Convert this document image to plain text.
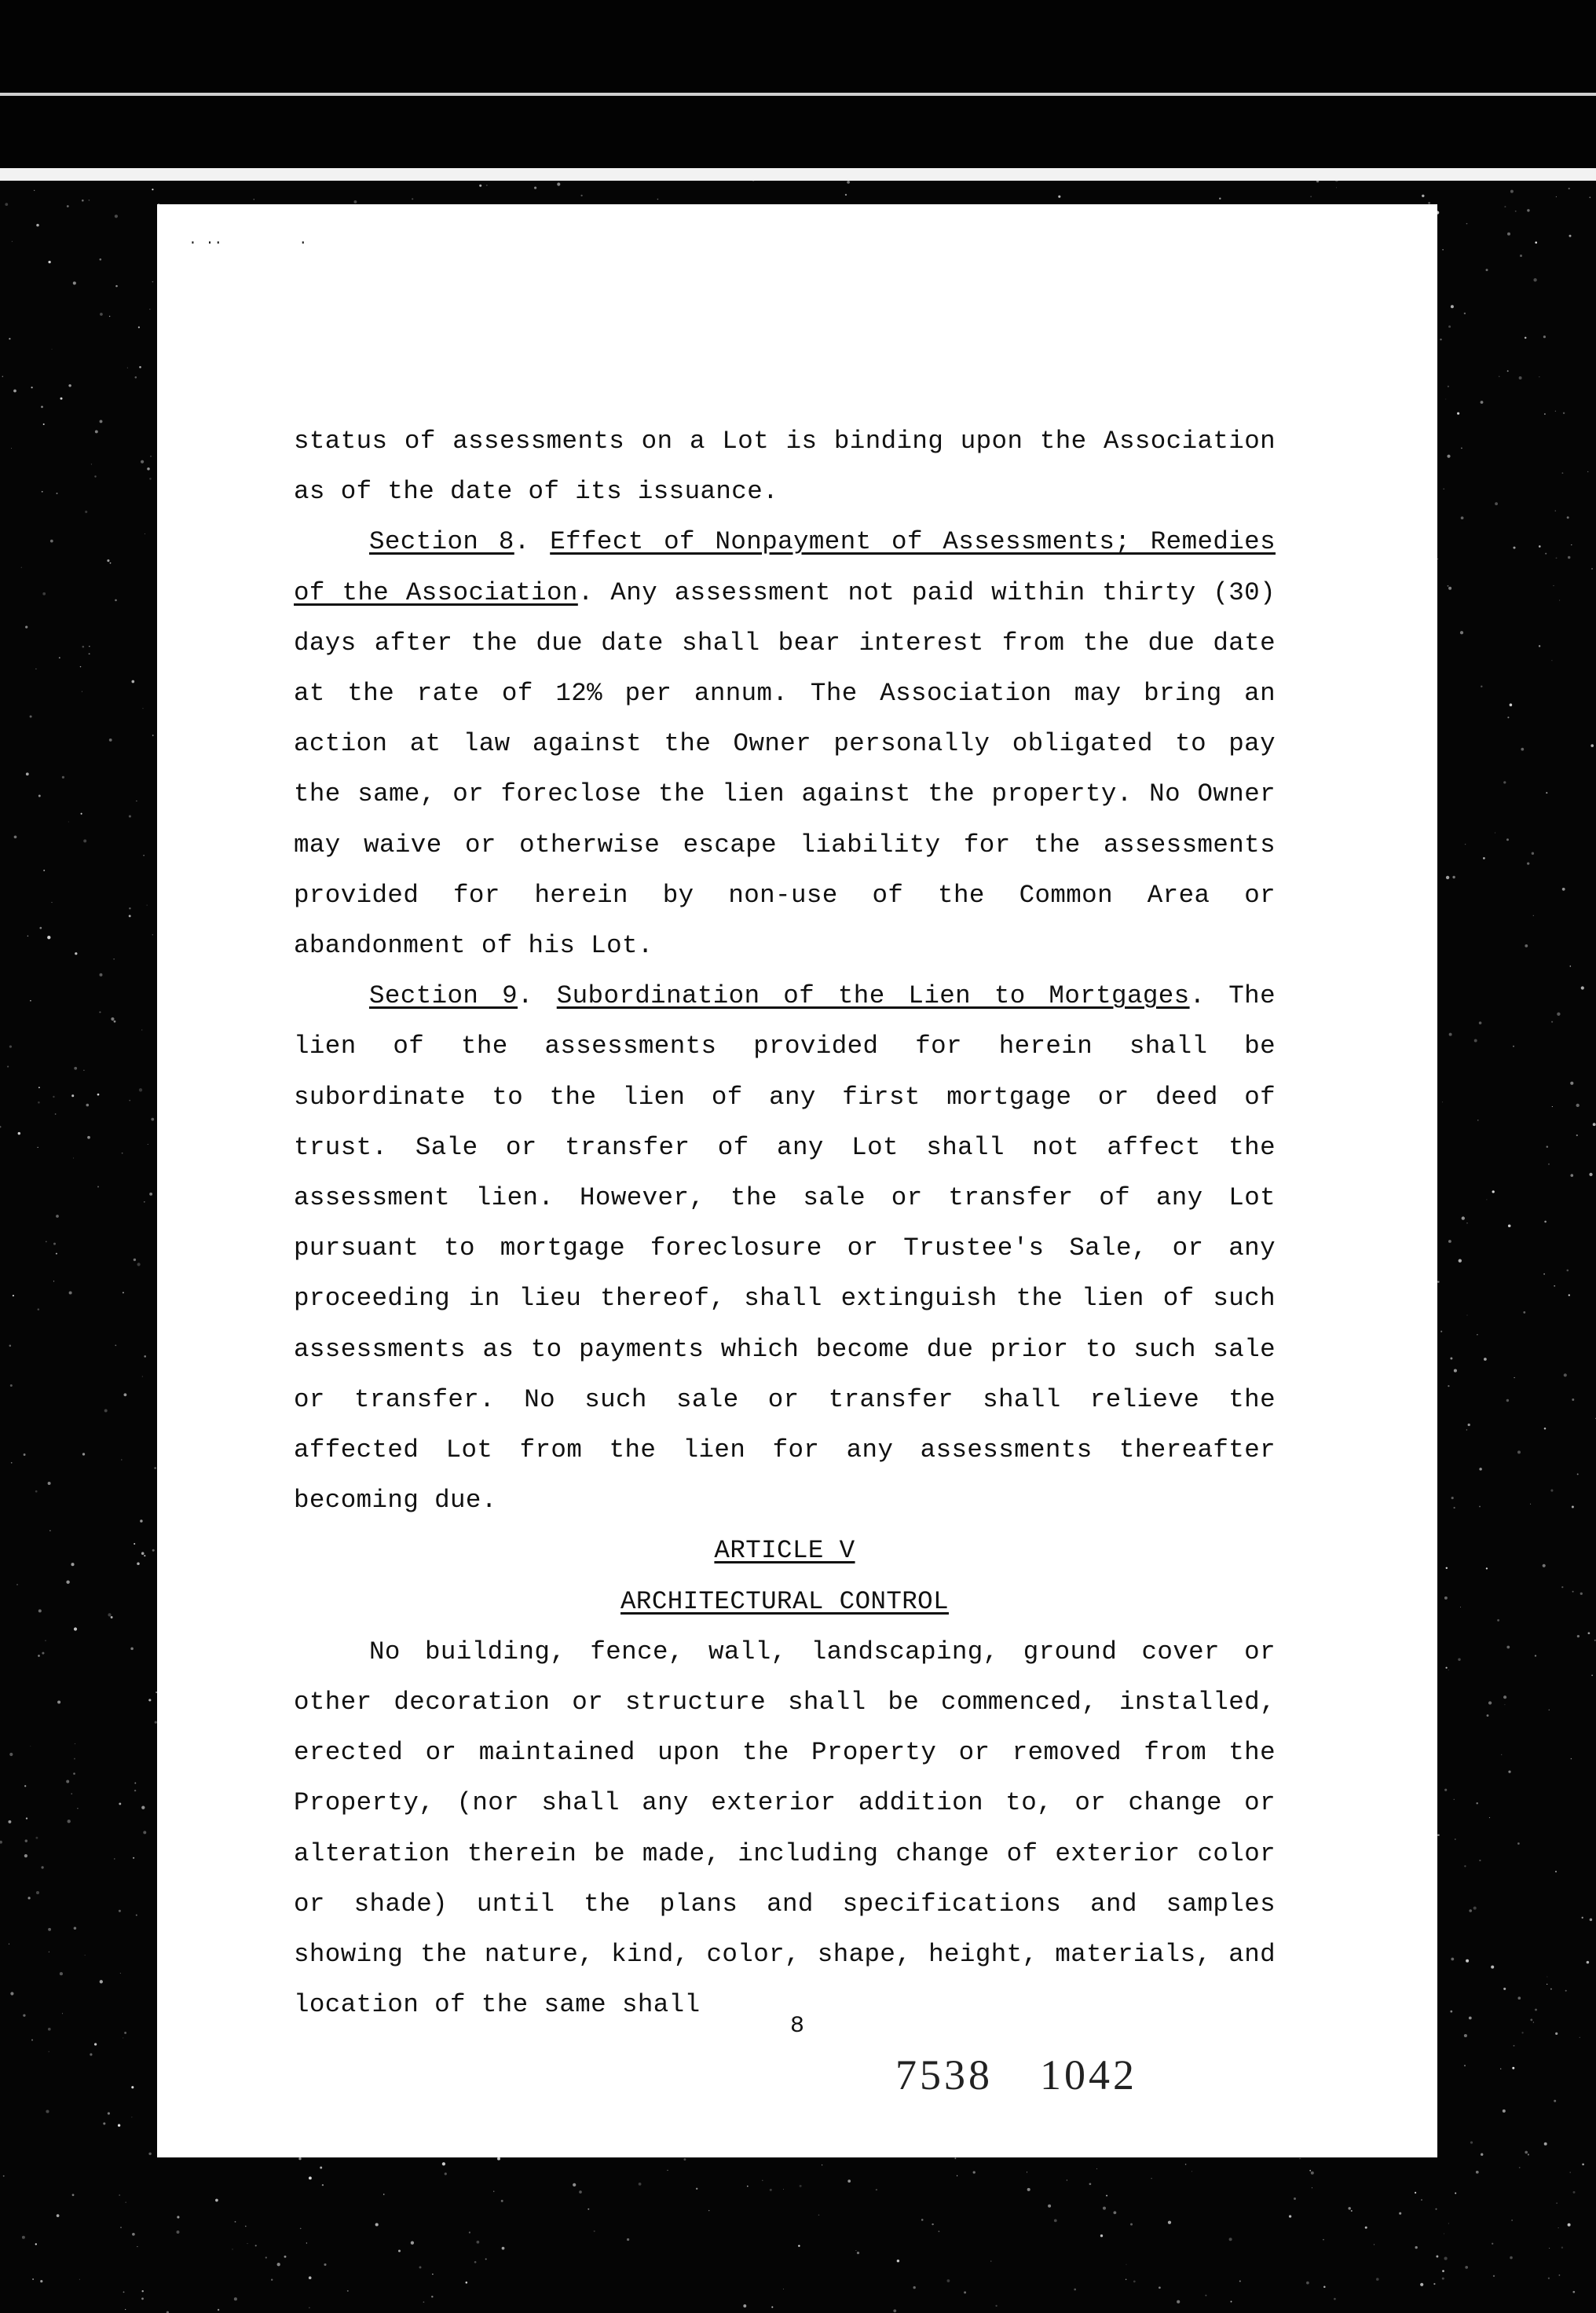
· ··         ·

status of assessments on a Lot is binding upon the Association as of the date of its issuance.

Section 8. Effect of Nonpayment of Assessments; Remedies of the Association. Any assessment not paid within thirty (30) days after the due date shall bear interest from the due date at the rate of 12% per annum. The Association may bring an action at law against the Owner personally obligated to pay the same, or foreclose the lien against the property. No Owner may waive or otherwise escape liability for the assessments provided for herein by non-use of the Common Area or abandonment of his Lot.

Section 9. Subordination of the Lien to Mortgages. The lien of the assessments provided for herein shall be subordinate to the lien of any first mortgage or deed of trust. Sale or transfer of any Lot shall not affect the assessment lien. However, the sale or transfer of any Lot pursuant to mortgage foreclosure or Trustee's Sale, or any proceeding in lieu thereof, shall extinguish the lien of such assessments as to payments which become due prior to such sale or transfer. No such sale or transfer shall relieve the affected Lot from the lien for any assessments thereafter becoming due.

ARTICLE V

ARCHITECTURAL CONTROL

No building, fence, wall, landscaping, ground cover or other decoration or structure shall be commenced, installed, erected or maintained upon the Property or removed from the Property, (nor shall any exterior addition to, or change or alteration therein be made, including change of exterior color or shade) until the plans and specifications and samples showing the nature, kind, color, shape, height, materials, and location of the same shall

8
7538 1042
